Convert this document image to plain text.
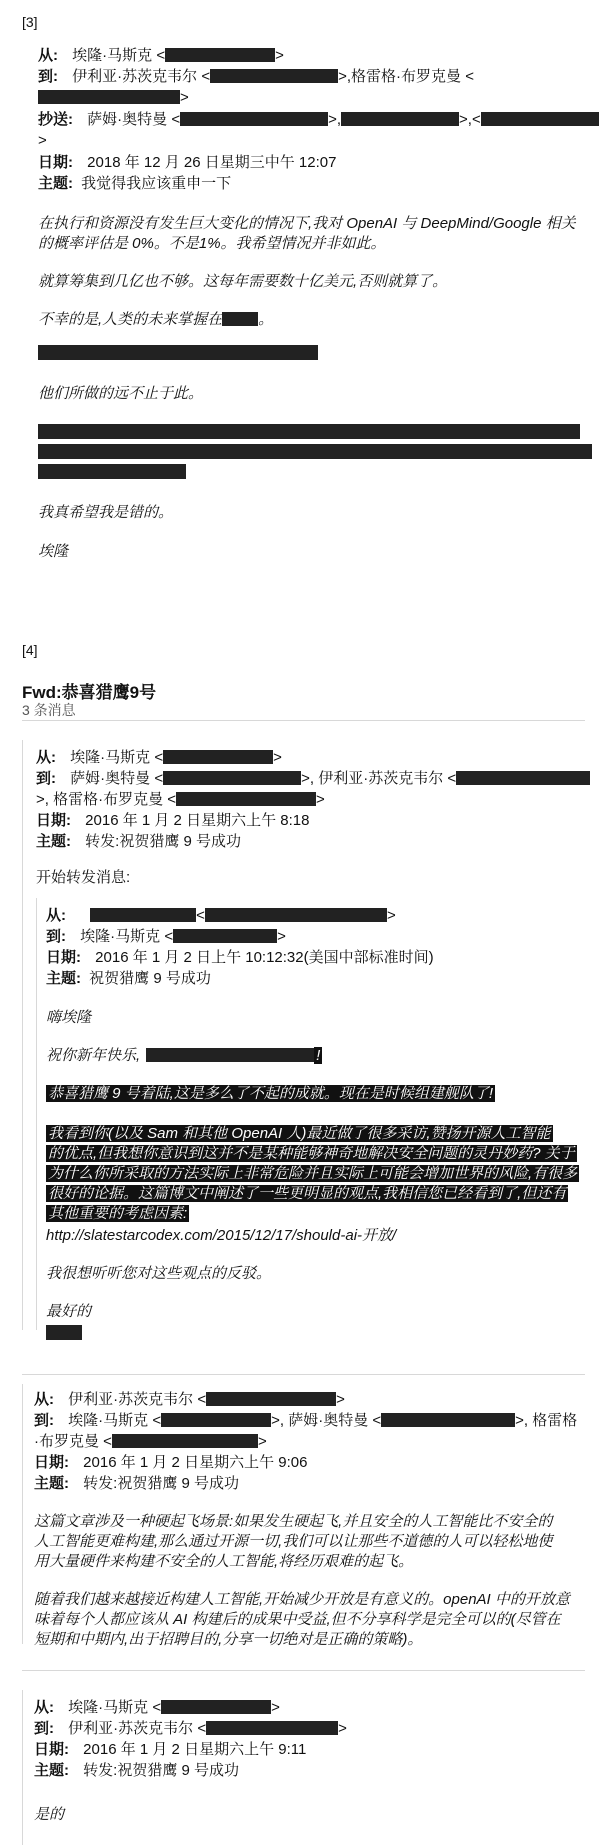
[3]
从: 埃隆·马斯克 <	>
到: 伊利亚·苏茨克韦尔 <	>,格雷格·布罗克曼 <
>
抄送: 萨姆·奥特曼 <	>,	>,<
>
日期: 2018 年 12 月 26 日星期三中午 12:07
主题: 我觉得我应该重申一下
在执行和资源没有发生巨大变化的情况下,我对 OpenAI 与 DeepMind/Google 相关
的概率评估是 0%。不是1%。我希望情况并非如此。
就算筹集到几亿也不够。这每年需要数十亿美元,否则就算了。
不幸的是,人类的未来掌握在 。
他们所做的远不止于此。
我真希望我是错的。
埃隆
[4]
Fwd:恭喜猎鹰9号
3 条消息
从: 埃隆·马斯克 <	>
到: 萨姆·奥特曼 <	>, 伊利亚·苏茨克韦尔 <
>, 格雷格·布罗克曼 <	>
日期: 2016 年 1 月 2 日星期六上午 8:18
主题: 转发:祝贺猎鹰 9 号成功
开始转发消息:
从:	<	>
到: 埃隆·马斯克 <	>
日期: 2016 年 1 月 2 日上午 10:12:32(美国中部标准时间)
主题: 祝贺猎鹰 9 号成功
嗨埃隆
祝你新年快乐,	!
恭喜猎鹰 9 号着陆,这是多么了不起的成就。现在是时候组建舰队了!
我看到你(以及 Sam 和其他 OpenAI 人)最近做了很多采访,赞扬开源人工智能
的优点,但我想你意识到这并不是某种能够神奇地解决安全问题的灵丹妙药? 关于
为什么你所采取的方法实际上非常危险并且实际上可能会增加世界的风险,有很多
很好的论据。这篇博文中阐述了一些更明显的观点,我相信您已经看到了,但还有
其他重要的考虑因素:
http://slatestarcodex.com/2015/12/17/should-ai-开放/
我很想听听您对这些观点的反驳。
最好的
从: 伊利亚·苏茨克韦尔 <	>
到: 埃隆·马斯克 <	>, 萨姆·奥特曼 <	>, 格雷格
·布罗克曼 <	>
日期: 2016 年 1 月 2 日星期六上午 9:06
主题: 转发:祝贺猎鹰 9 号成功
这篇文章涉及一种硬起飞场景:如果发生硬起飞,并且安全的人工智能比不安全的
人工智能更难构建,那么通过开源一切,我们可以让那些不道德的人可以轻松地使
用大量硬件来构建不安全的人工智能,将经历艰难的起飞。
随着我们越来越接近构建人工智能,开始减少开放是有意义的。openAI 中的开放意
味着每个人都应该从 AI 构建后的成果中受益,但不分享科学是完全可以的(尽管在
短期和中期内,出于招聘目的,分享一切绝对是正确的策略)。
从: 埃隆·马斯克 <	>
到: 伊利亚·苏茨克韦尔 <	>
日期: 2016 年 1 月 2 日星期六上午 9:11
主题: 转发:祝贺猎鹰 9 号成功
是的
